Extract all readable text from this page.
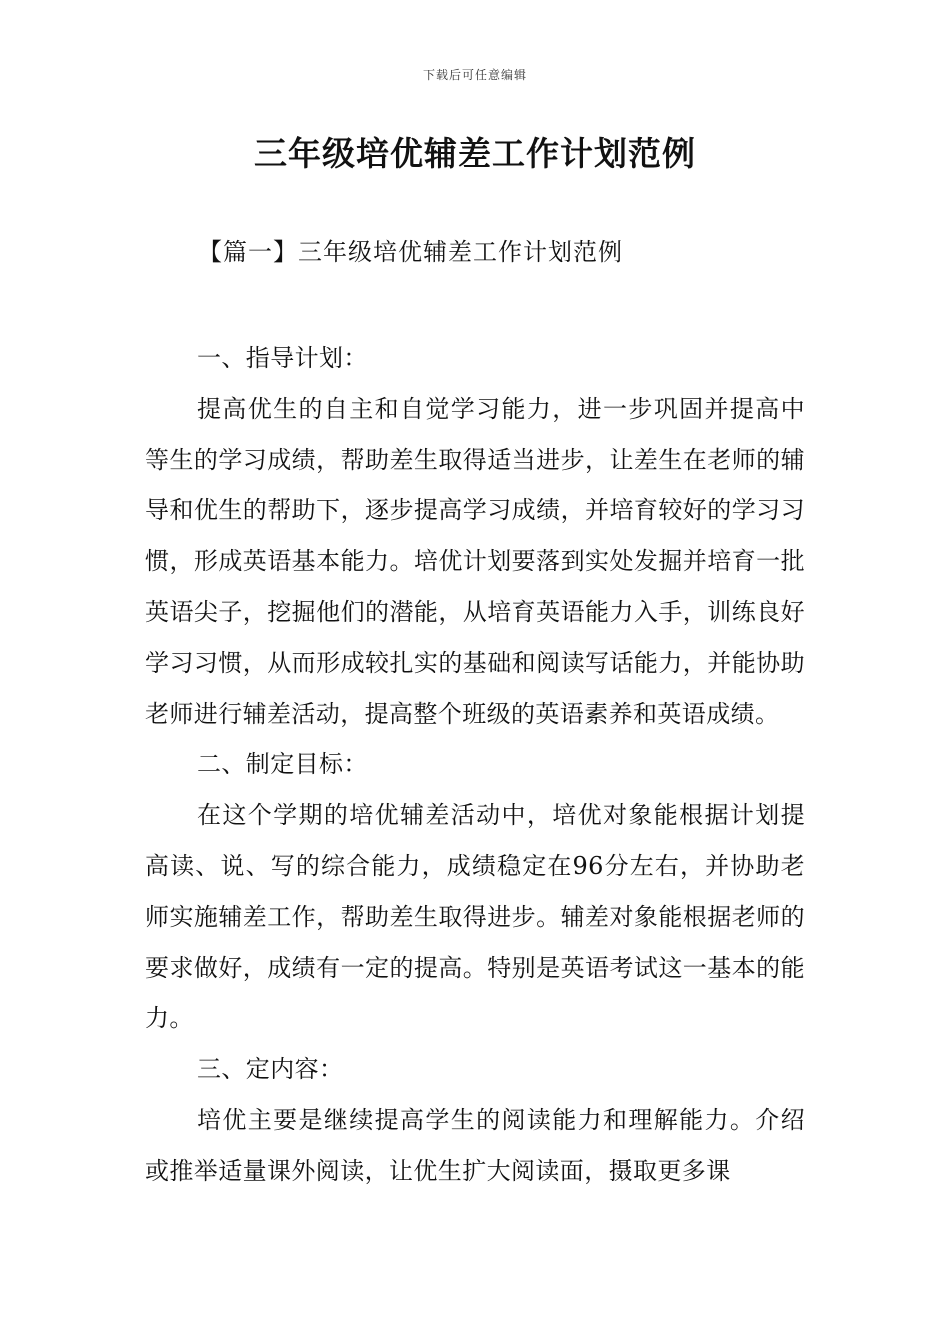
下载后可任意编辑
三年级培优辅差工作计划范例

【篇一】三年级培优辅差工作计划范例

一、指导计划：

提高优生的自主和自觉学习能力，进一步巩固并提高中等生的学习成绩，帮助差生取得适当进步，让差生在老师的辅导和优生的帮助下，逐步提高学习成绩，并培育较好的学习习惯，形成英语基本能力。培优计划要落到实处发掘并培育一批英语尖子，挖掘他们的潜能，从培育英语能力入手，训练良好学习习惯，从而形成较扎实的基础和阅读写话能力，并能协助老师进行辅差活动，提高整个班级的英语素养和英语成绩。

二、制定目标：

在这个学期的培优辅差活动中，培优对象能根据计划提高读、说、写的综合能力，成绩稳定在96分左右，并协助老师实施辅差工作，帮助差生取得进步。辅差对象能根据老师的要求做好，成绩有一定的提高。特别是英语考试这一基本的能力。

三、定内容：

培优主要是继续提高学生的阅读能力和理解能力。介绍或推举适量课外阅读，让优生扩大阅读面，摄取更多课
